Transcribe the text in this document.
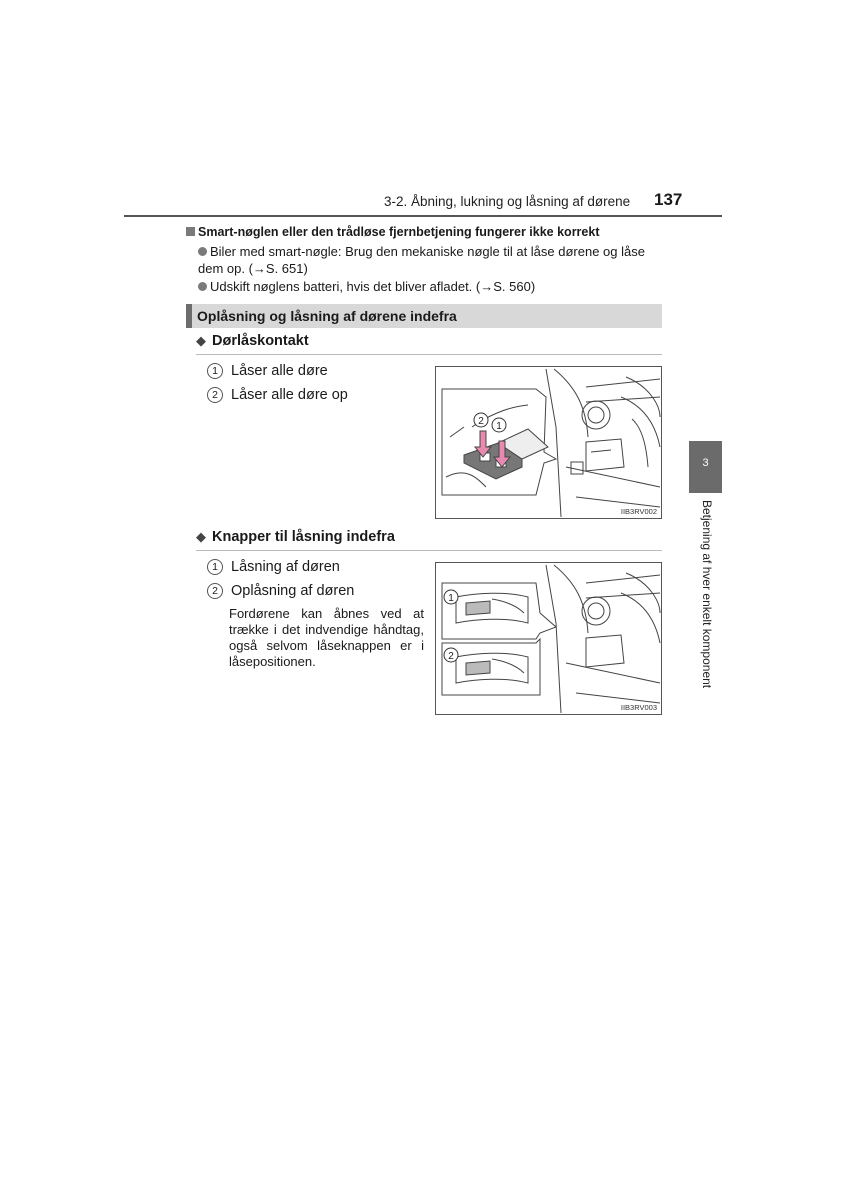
3-2. Åbning, lukning og låsning af dørene 137
Smart-nøglen eller den trådløse fjernbetjening fungerer ikke korrekt
Biler med smart-nøgle: Brug den mekaniske nøgle til at låse dørene og låse
dem op. (→S. 651)
Udskift nøglens batteri, hvis det bliver afladet. (→S. 560)
Oplåsning og låsning af dørene indefra
◆ Dørlåskontakt
1 Låser alle døre
2 Låser alle døre op
2 1
IIB3RV002
◆ Knapper til låsning indefra
1 Låsning af døren
2 Oplåsning af døren
Fordørene kan åbnes ved at trække i det indvendige håndtag, også selvom låseknappen er i låsepositionen.
1
2
IIB3RV003
3
Betjening af hver enkelt komponent
